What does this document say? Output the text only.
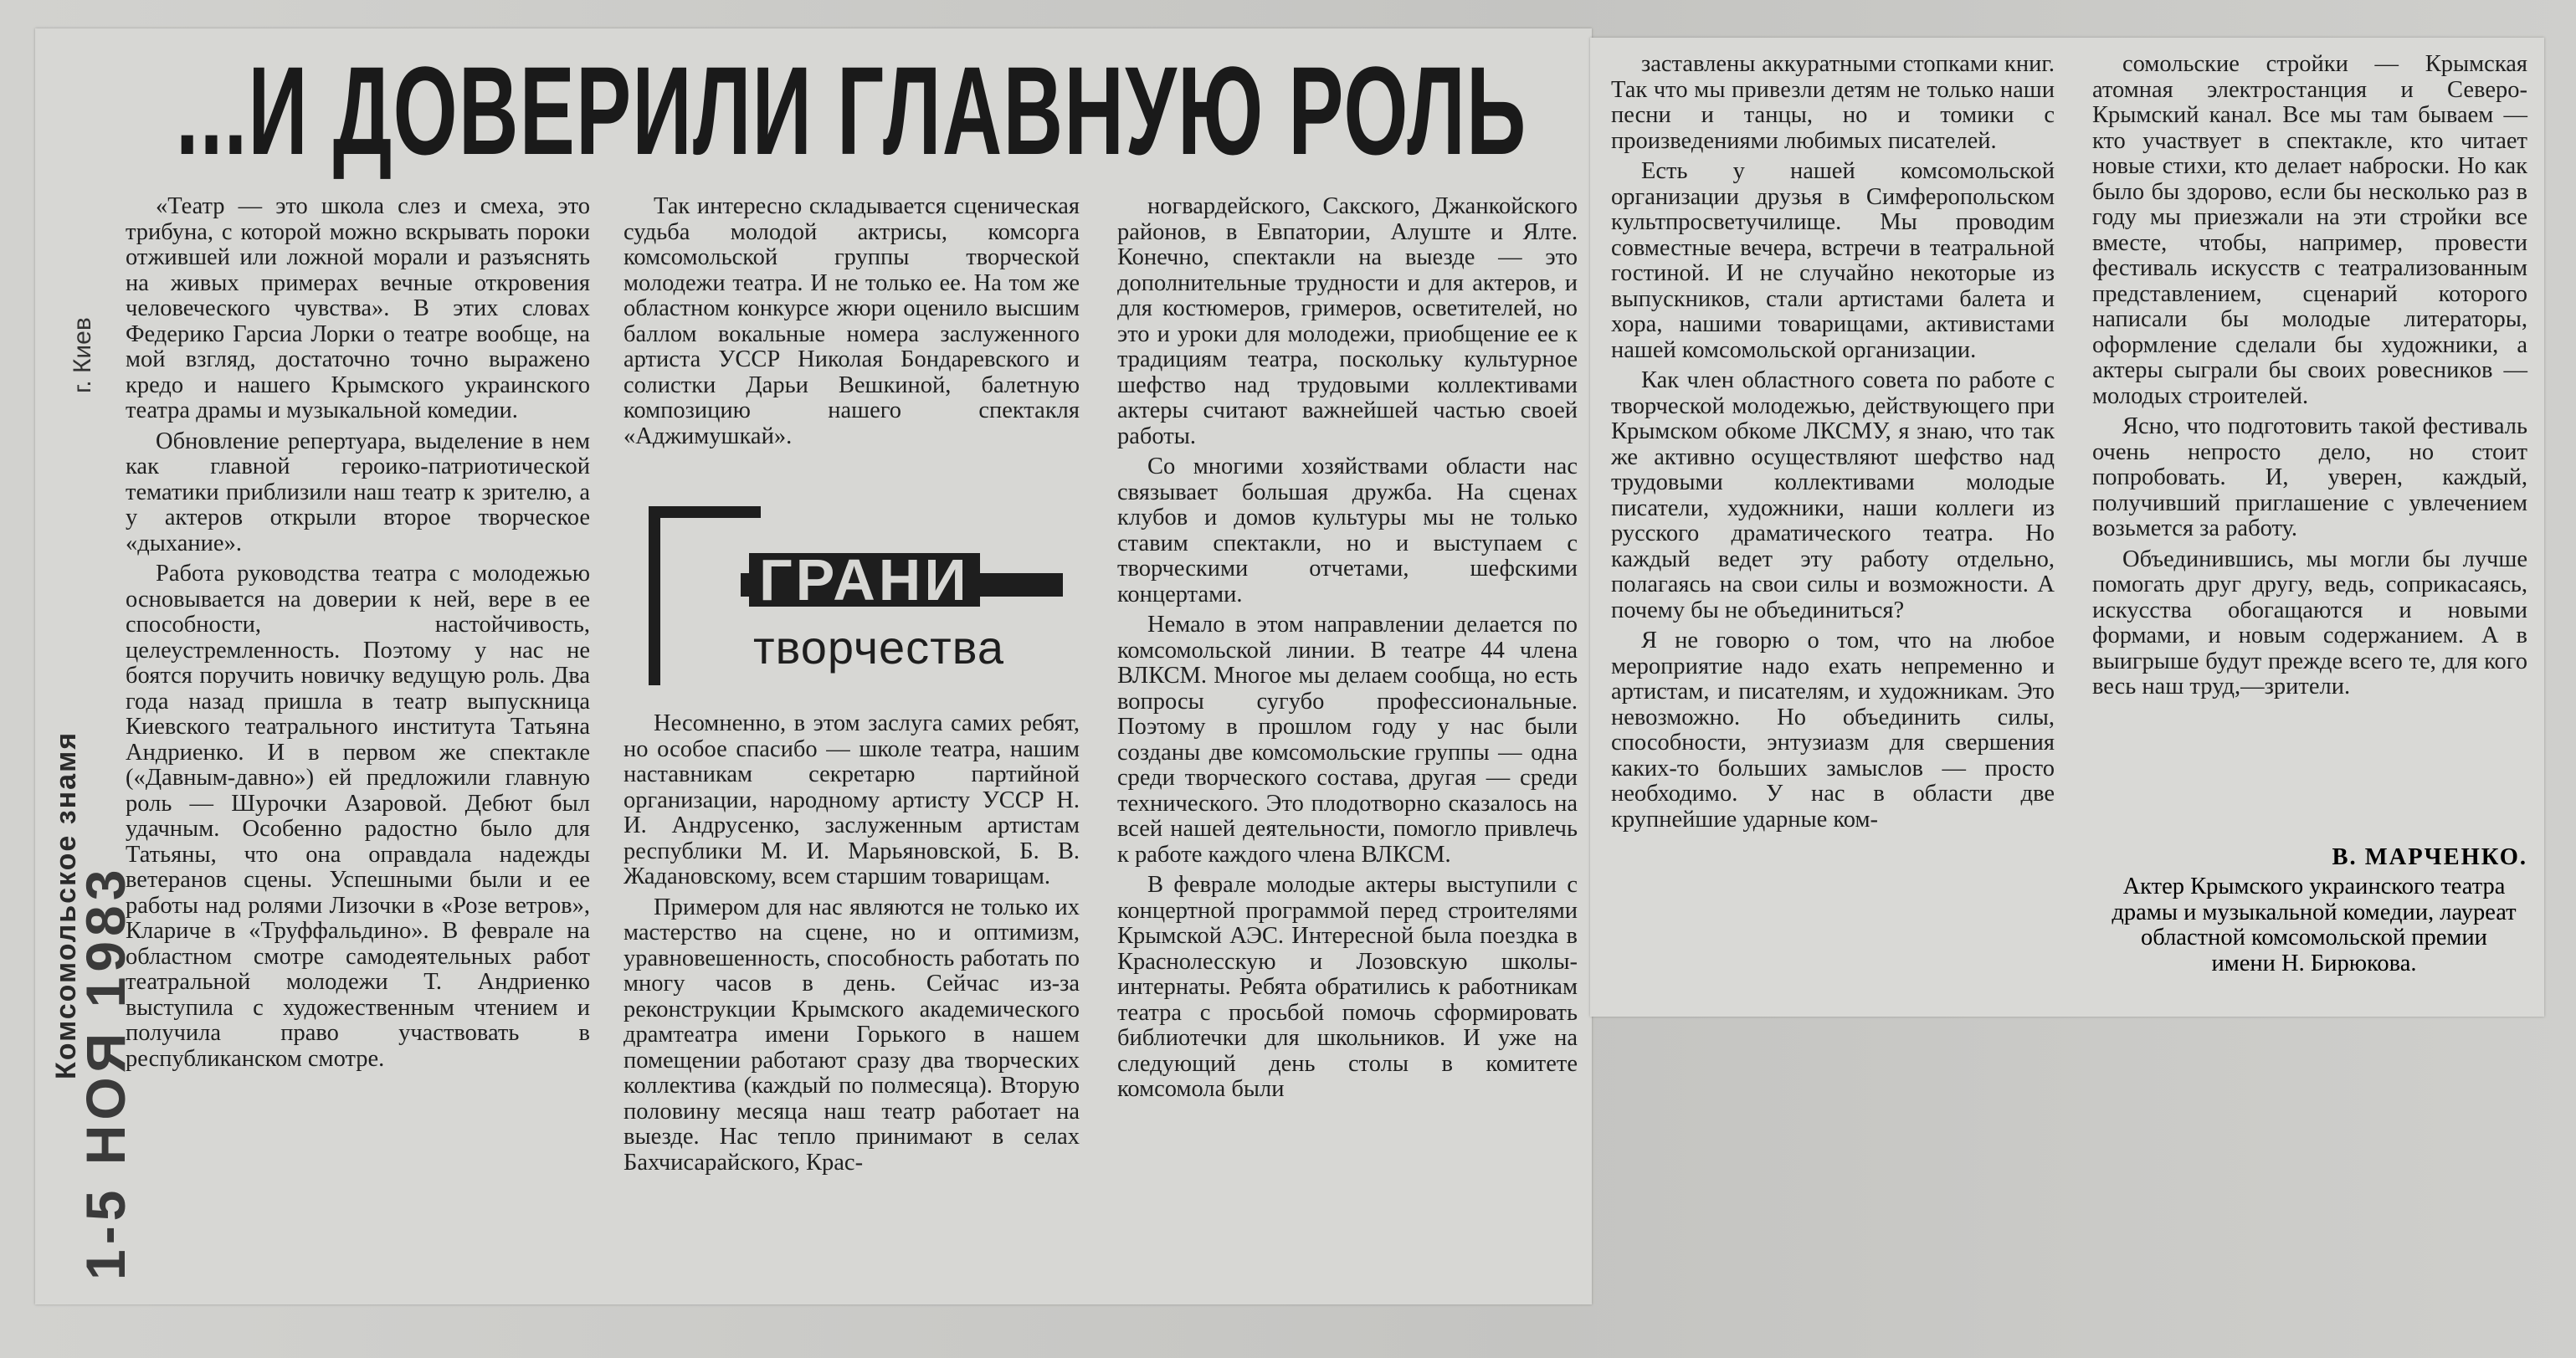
...И ДОВЕРИЛИ ГЛАВНУЮ РОЛЬ
Комсомольское знамя
г. Киев
1-5 НОЯ 1983

«Театр — это школа слез и смеха, это трибуна, с которой можно вскрывать пороки отжившей или ложной морали и разъяснять на живых примерах вечные откровения человеческого чувства». В этих словах Федерико Гарсиа Лорки о театре вообще, на мой взгляд, достаточно точно выражено кредо и нашего Крымского украинского театра драмы и музыкальной комедии.

Обновление репертуара, выделение в нем как главной героико-патриотической тематики приблизили наш театр к зрителю, а у актеров открыли второе творческое «дыхание».

Работа руководства театра с молодежью основывается на доверии к ней, вере в ее способности, настойчивость, целеустремленность. Поэтому у нас не боятся поручить новичку ведущую роль. Два года назад пришла в театр выпускница Киевского театрального института Татьяна Андриенко. И в первом же спектакле («Давным-давно») ей предложили главную роль — Шурочки Азаровой. Дебют был удачным. Особенно радостно было для Татьяны, что она оправдала надежды ветеранов сцены. Успешными были и ее работы над ролями Лизочки в «Розе ветров», Кларичe в «Труффальдино». В феврале на областном смотре самодеятельных работ театральной молодежи Т. Андриенко выступила с художественным чтением и получила право участвовать в республиканском смотре.

Так интересно складывается сценическая судьба молодой актрисы, комсорга комсомольской группы творческой молодежи театра. И не только ее. На том же областном конкурсе жюри оценило высшим баллом вокальные номера заслуженного артиста УССР Николая Бондаревского и солистки Дарьи Вешкиной, балетную композицию нашего спектакля «Аджимушкай».

ГРАНИ
творчества

Несомненно, в этом заслуга самих ребят, но особое спасибо — школе театра, нашим наставникам секретарю партийной организации, народному артисту УССР Н. И. Андрусенко, заслуженным артистам республики М. И. Марьяновской, Б. В. Жадановскому, всем старшим товарищам.

Примером для нас являются не только их мастерство на сцене, но и оптимизм, уравновешенность, способность работать по многу часов в день. Сейчас из-за реконструкции Крымского академического драмтеатра имени Горького в нашем помещении работают сразу два творческих коллектива (каждый по полмесяца). Вторую половину месяца наш театр работает на выезде. Нас тепло принимают в селах Бахчисарайского, Крас-

ногвардейского, Сакского, Джанкойского районов, в Евпатории, Алуште и Ялте. Конечно, спектакли на выезде — это дополнительные трудности и для актеров, и для костюмеров, гримеров, осветителей, но это и уроки для молодежи, приобщение ее к традициям театра, поскольку культурное шефство над трудовыми коллективами актеры считают важнейшей частью своей работы.

Со многими хозяйствами области нас связывает большая дружба. На сценах клубов и домов культуры мы не только ставим спектакли, но и выступаем с творческими отчетами, шефскими концертами.

Немало в этом направлении делается по комсомольской линии. В театре 44 члена ВЛКСМ. Многое мы делаем сообща, но есть вопросы сугубо профессиональные. Поэтому в прошлом году у нас были созданы две комсомольские группы — одна среди творческого состава, другая — среди технического. Это плодотворно сказалось на всей нашей деятельности, помогло привлечь к работе каждого члена ВЛКСМ.

В феврале молодые актеры выступили с концертной программой перед строителями Крымской АЭС. Интересной была поездка в Краснолесскую и Лозовскую школы-интернаты. Ребята обратились к работникам театра с просьбой помочь сформировать библиотечки для школьников. И уже на следующий день столы в комитете комсомола были

заставлены аккуратными стопками книг. Так что мы привезли детям не только наши песни и танцы, но и томики с произведениями любимых писателей.

Есть у нашей комсомольской организации друзья в Симферопольском культпросветучилище. Мы проводим совместные вечера, встречи в театральной гостиной. И не случайно некоторые из выпускников, стали артистами балета и хора, нашими товарищами, активистами нашей комсомольской организации.

Как член областного совета по работе с творческой молодежью, действующего при Крымском обкоме ЛКСМУ, я знаю, что так же активно осуществляют шефство над трудовыми коллективами молодые писатели, художники, наши коллеги из русского драматического театра. Но каждый ведет эту работу отдельно, полагаясь на свои силы и возможности. А почему бы не объединиться?

Я не говорю о том, что на любое мероприятие надо ехать непременно и артистам, и писателям, и художникам. Это невозможно. Но объединить силы, способности, энтузиазм для свершения каких-то больших замыслов — просто необходимо. У нас в области две крупнейшие ударные ком-

сомольские стройки — Крымская атомная электростанция и Северо-Крымский канал. Все мы там бываем — кто участвует в спектакле, кто читает новые стихи, кто делает наброски. Но как было бы здорово, если бы несколько раз в году мы приезжали на эти стройки все вместе, чтобы, например, провести фестиваль искусств с театрализованным представлением, сценарий которого написали бы молодые литераторы, оформление сделали бы художники, а актеры сыграли бы своих ровесников — молодых строителей.

Ясно, что подготовить такой фестиваль очень непросто дело, но стоит попробовать. И, уверен, каждый, получивший приглашение с увлечением возьмется за работу.

Объединившись, мы могли бы лучше помогать друг другу, ведь, соприкасаясь, искусства обогащаются и новыми формами, и новым содержанием. А в выигрыше будут прежде всего те, для кого весь наш труд,—зрители.

В. МАРЧЕНКО.
Актер Крымского украинского театра драмы и музыкальной комедии, лауреат областной комсомольской премии имени Н. Бирюкова.
